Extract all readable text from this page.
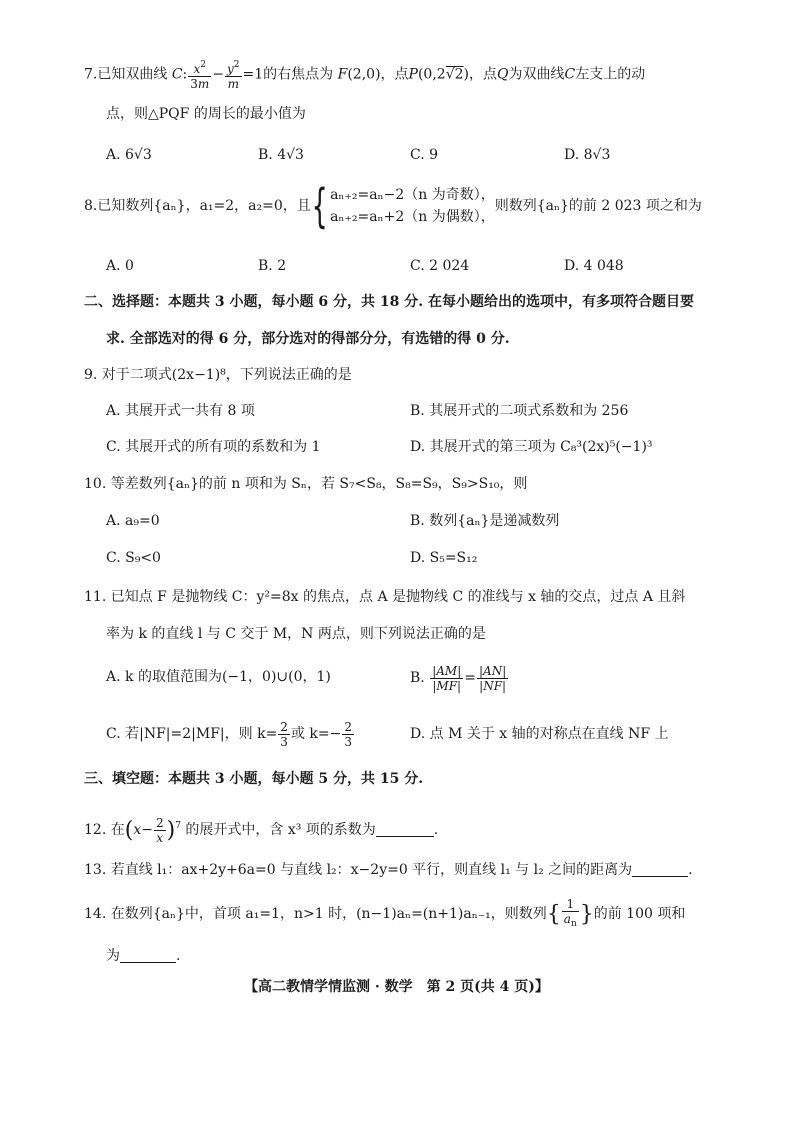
7.已知双曲线 C: $\frac{x^2}{3m} - \frac{y^2}{m} =1$的右焦点为 F(2,0)，点P(0,2√2)，点Q为双曲线C左支上的动
点，则△PQF 的周长的最小值为
A. 6√3	B. 4√3	C. 9	D. 8√3
8.已知数列{aₙ}，a₁=2，a₂=0，且{ aₙ₊₂=aₙ−2（n 为奇数），
aₙ₊₂=aₙ+2（n 为偶数），
则数列{aₙ}的前 2 023 项之和为
A. 0	B. 2	C. 2 024	D. 4 048
二、选择题：本题共 3 小题，每小题 6 分，共 18 分. 在每小题给出的选项中，有多项符合题目要
求. 全部选对的得 6 分，部分选对的得部分分，有选错的得 0 分.
9. 对于二项式(2x−1)⁸，下列说法正确的是
A. 其展开式一共有 8 项	B. 其展开式的二项式系数和为 256
C. 其展开式的所有项的系数和为 1	D. 其展开式的第三项为 C₈³(2x)⁵(−1)³
10. 等差数列{aₙ}的前 n 项和为 Sₙ，若 S₇<S₈，S₈=S₉，S₉>S₁₀，则
A. a₉=0	B. 数列{aₙ}是递减数列
C. S₉<0	D. S₅=S₁₂
11. 已知点 F 是抛物线 C：y²=8x 的焦点，点 A 是抛物线 C 的准线与 x 轴的交点，过点 A 且斜
率为 k 的直线 l 与 C 交于 M，N 两点，则下列说法正确的是
A. k 的取值范围为(−1，0)∪(0，1)	B. $\frac{|AM|}{|MF|} = \frac{|AN|}{|NF|}$
C. 若|NF|=2|MF|，则 $k= \frac{2}{3}$ 或 $k=- \frac{2}{3}$	D. 点 M 关于 x 轴的对称点在直线 NF 上
三、填空题：本题共 3 小题，每小题 5 分，共 15 分.
12. 在$(x- \frac{2}{x} )^7$ 的展开式中，含 x³ 项的系数为	.
13. 若直线 l₁：ax+2y+6a=0 与直线 l₂：x−2y=0 平行，则直线 l₁ 与 l₂ 之间的距离为	.
14. 在数列{aₙ}中，首项 a₁=1，n>1 时，(n−1)aₙ=(n+1)aₙ₋₁，则数列{ $\frac{1}{a_n}$ }的前 100 项和
为	.
【高二教情学情监测 · 数学　第 2 页(共 4 页)】
